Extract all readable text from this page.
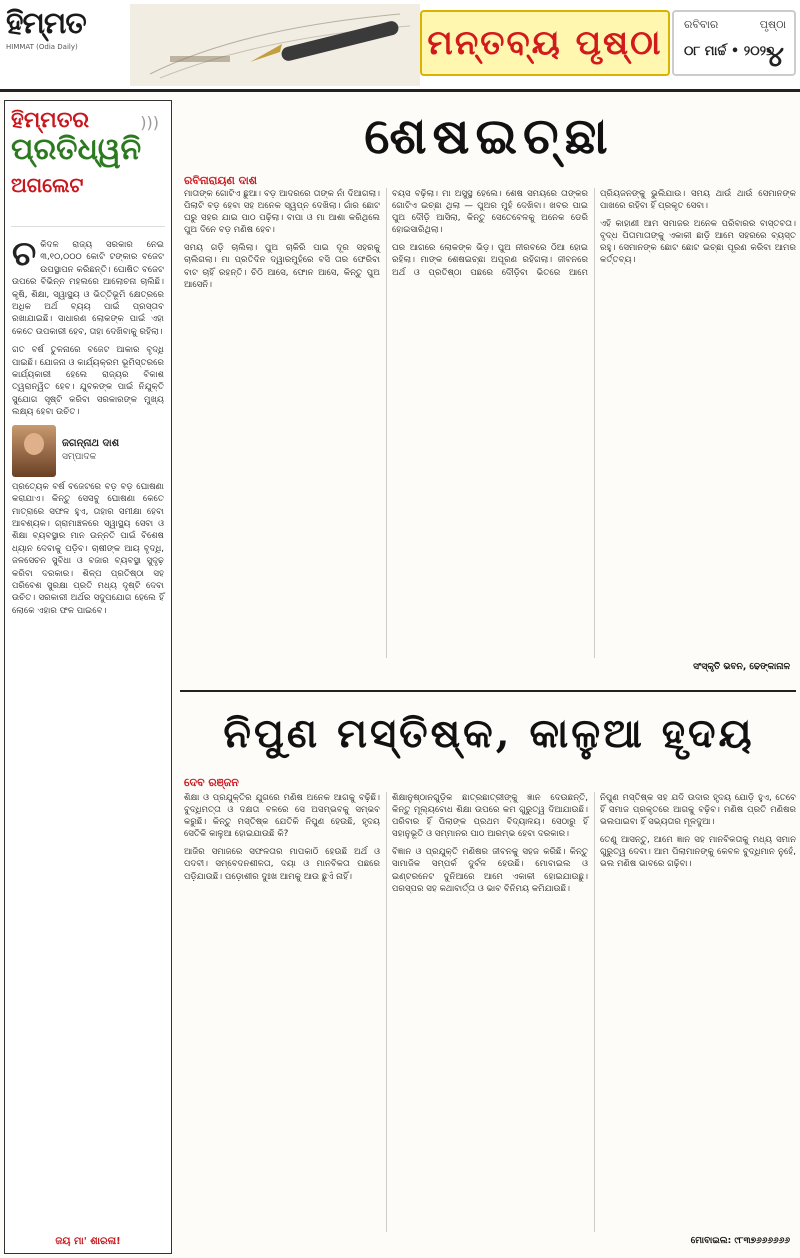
ହିମ୍ମତ
HIMMAT (Odia Daily)	ମନ୍ତବ୍ୟ ପୃଷ୍ଠା	ରବିବାର	ପୃଷ୍ଠା
୦୮ ମାର୍ଚ୍ଚ • ୨୦୨୬
୪
ହିମ୍ମତର
ପ୍ରତିଧ୍ୱନି
ଅଗଲେଟ
)))

ଚକିଦଳ ରାଜ୍ୟ ସରକାର ନେଇ ୩,୧୦,୦୦୦ କୋଟି ଟଙ୍କାର ବଜେଟ ଉପସ୍ଥାପନ କରିଛନ୍ତି। ଘୋଷିତ ବଜେଟ ଉପରେ ବିଭିନ୍ନ ମହଲରେ ଆଲୋଚନା ଚାଲିଛି। କୃଷି, ଶିକ୍ଷା, ସ୍ୱାସ୍ଥ୍ୟ ଓ ଭିତ୍ତିଭୂମି କ୍ଷେତ୍ରରେ ଅଧିକ ଅର୍ଥ ବ୍ୟୟ ପାଇଁ ପ୍ରସ୍ତାବ ରଖାଯାଇଛି। ସାଧାରଣ ଲୋକଙ୍କ ପାଇଁ ଏହା କେତେ ଉପକାରୀ ହେବ, ତାହା ଦେଖିବାକୁ ରହିଲା।

ଗତ ବର୍ଷ ତୁଳନାରେ ବଜେଟ ଆକାର ବୃଦ୍ଧି ପାଇଛି। ଯୋଜନା ଓ କାର୍ଯ୍ୟକ୍ରମ ଭୂମିସ୍ତରରେ କାର୍ଯ୍ୟକାରୀ ହେଲେ ରାଜ୍ୟର ବିକାଶ ତ୍ୱରାନ୍ୱିତ ହେବ। ଯୁବକଙ୍କ ପାଇଁ ନିଯୁକ୍ତି ସୁଯୋଗ ସୃଷ୍ଟି କରିବା ସରକାରଙ୍କ ମୁଖ୍ୟ ଲକ୍ଷ୍ୟ ହେବା ଉଚିତ।

ଜଗନ୍ନାଥ ଦାଶ
ସମ୍ପାଦକ

ପ୍ରତ୍ୟେକ ବର୍ଷ ବଜେଟରେ ବଡ଼ ବଡ଼ ଘୋଷଣା କରାଯାଏ। କିନ୍ତୁ ସେସବୁ ଘୋଷଣା କେତେ ମାତ୍ରାରେ ସଫଳ ହୁଏ, ତାହାର ସମୀକ୍ଷା ହେବା ଆବଶ୍ୟକ। ଗ୍ରାମାଞ୍ଚଳରେ ସ୍ୱାସ୍ଥ୍ୟ ସେବା ଓ ଶିକ୍ଷା ବ୍ୟବସ୍ଥାର ମାନ ଉନ୍ନତି ପାଇଁ ବିଶେଷ ଧ୍ୟାନ ଦେବାକୁ ପଡ଼ିବ। ଚାଷୀଙ୍କ ଆୟ ବୃଦ୍ଧି, ଜଳସେଚନ ସୁବିଧା ଓ ବଜାର ବ୍ୟବସ୍ଥା ସୁଦୃଢ଼ କରିବା ଦରକାର। ଶିଳ୍ପ ପ୍ରତିଷ୍ଠା ସହ ପରିବେଶ ସୁରକ୍ଷା ପ୍ରତି ମଧ୍ୟ ଦୃଷ୍ଟି ଦେବା ଉଚିତ। ସରକାରୀ ଅର୍ଥର ସଦୁପଯୋଗ ହେଲେ ହିଁ ଲୋକେ ଏହାର ଫଳ ପାଇବେ।

ଜୟ ମା' ଶାରଳା!
ଶେଷଇଚ୍ଛା
ରବିନାରାୟଣ ଦାଶ

ମାତାଙ୍କ ଗୋଟିଏ ଛୁଆ। ବଡ଼ ଆଦରରେ ତାଙ୍କ ନାଁ ଦିଆଗଲା। ପିଲାଟି ବଡ଼ ହେବା ସହ ଅନେକ ସ୍ୱପ୍ନ ଦେଖିଲା। ଗାଁର ଛୋଟ ଘରୁ ସହର ଯାଇ ପାଠ ପଢ଼ିଲା। ବାପା ଓ ମା ଆଶା କରିଥିଲେ ପୁଅ ଦିନେ ବଡ଼ ମଣିଷ ହେବ।

ସମୟ ଗଡ଼ି ଚାଲିଲା। ପୁଅ ଚାକିରି ପାଇ ଦୂର ସହରକୁ ଚାଲିଗଲା। ମା ପ୍ରତିଦିନ ଦ୍ୱାରମୁହଁରେ ବସି ତାର ଫେରିବା ବାଟ ଚାହିଁ ରହନ୍ତି। ଚିଠି ଆସେ, ଫୋନ ଆସେ, କିନ୍ତୁ ପୁଅ ଆସେନି।

ବୟସ ବଢ଼ିଲା। ମା ଅସୁସ୍ଥ ହେଲେ। ଶେଷ ସମୟରେ ତାଙ୍କର ଗୋଟିଏ ଇଚ୍ଛା ଥିଲା — ପୁଅର ମୁହଁ ଦେଖିବା। ଖବର ପାଇ ପୁଅ ଦୌଡ଼ି ଆସିଲା, କିନ୍ତୁ ସେତେବେଳକୁ ଅନେକ ଡେରି ହୋଇସାରିଥିଲା।

ଘର ଆଗରେ ଲୋକଙ୍କ ଭିଡ଼। ପୁଅ ନୀରବରେ ଠିଆ ହୋଇ ରହିଲା। ମାଙ୍କ ଶେଷଇଚ୍ଛା ଅପୂରଣ ରହିଗଲା। ଜୀବନରେ ଅର୍ଥ ଓ ପ୍ରତିଷ୍ଠା ପଛରେ ଦୌଡ଼ିବା ଭିତରେ ଆମେ ପ୍ରିୟଜନଙ୍କୁ ଭୁଲିଯାଉ। ସମୟ ଥାଉଁ ଥାଉଁ ସେମାନଙ୍କ ପାଖରେ ରହିବା ହିଁ ପ୍ରକୃତ ସେବା।

ଏହି କାହାଣୀ ଆମ ସମାଜର ଅନେକ ପରିବାରର ବାସ୍ତବତା। ବୃଦ୍ଧ ପିତାମାତାଙ୍କୁ ଏକାକୀ ଛାଡ଼ି ଆମେ ସହରରେ ବ୍ୟସ୍ତ ରହୁ। ସେମାନଙ୍କ ଛୋଟ ଛୋଟ ଇଚ୍ଛା ପୂରଣ କରିବା ଆମର କର୍ତ୍ତବ୍ୟ।

ସଂସ୍କୃତି ଭବନ, ଢେଙ୍କାନାଳ
ନିପୁଣ ମସ୍ତିଷ୍କ, କାଳୁଆ ହୃଦୟ
ଦେବ ରଞ୍ଜନ

ଶିକ୍ଷା ଓ ପ୍ରଯୁକ୍ତିର ଯୁଗରେ ମଣିଷ ଅନେକ ଆଗକୁ ବଢ଼ିଛି। ବୁଦ୍ଧିମତ୍ତା ଓ ଦକ୍ଷତା ବଳରେ ସେ ଅସମ୍ଭବକୁ ସମ୍ଭବ କରୁଛି। କିନ୍ତୁ ମସ୍ତିଷ୍କ ଯେତିକି ନିପୁଣ ହେଉଛି, ହୃଦୟ ସେତିକି କାଳୁଆ ହୋଇଯାଉଛି କି?

ଆଜିର ସମାଜରେ ସଫଳତାର ମାପକାଠି ହେଉଛି ଅର୍ଥ ଓ ପଦବୀ। ସମ୍ବେଦନଶୀଳତା, ଦୟା ଓ ମାନବିକତା ପଛରେ ପଡ଼ିଯାଉଛି। ପଡ଼ୋଶୀର ଦୁଃଖ ଆମକୁ ଆଉ ଛୁଏଁ ନାହିଁ।

ଶିକ୍ଷାନୁଷ୍ଠାନଗୁଡ଼ିକ ଛାତ୍ରଛାତ୍ରୀଙ୍କୁ ଜ୍ଞାନ ଦେଉଛନ୍ତି, କିନ୍ତୁ ମୂଲ୍ୟବୋଧ ଶିକ୍ଷା ଉପରେ କମ ଗୁରୁତ୍ୱ ଦିଆଯାଉଛି। ପରିବାର ହିଁ ପିଲାଙ୍କ ପ୍ରଥମ ବିଦ୍ୟାଳୟ। ସେଠାରୁ ହିଁ ସହାନୁଭୂତି ଓ ସମ୍ମାନର ପାଠ ଆରମ୍ଭ ହେବା ଦରକାର।

ବିଜ୍ଞାନ ଓ ପ୍ରଯୁକ୍ତି ମଣିଷର ଜୀବନକୁ ସହଜ କରିଛି। କିନ୍ତୁ ସାମାଜିକ ସମ୍ପର୍କ ଦୁର୍ବଳ ହେଉଛି। ମୋବାଇଲ ଓ ଇଣ୍ଟରନେଟ ଦୁନିଆରେ ଆମେ ଏକାକୀ ହୋଇଯାଉଛୁ। ପରସ୍ପର ସହ କଥାବାର୍ତ୍ତା ଓ ଭାବ ବିନିମୟ କମିଯାଉଛି।

ନିପୁଣ ମସ୍ତିଷ୍କ ସହ ଯଦି ଉଦାର ହୃଦୟ ଯୋଡ଼ି ହୁଏ, ତେବେ ହିଁ ସମାଜ ପ୍ରକୃତରେ ଆଗକୁ ବଢ଼ିବ। ମଣିଷ ପ୍ରତି ମଣିଷର ଭଲପାଇବା ହିଁ ସଭ୍ୟତାର ମୂଳଦୁଆ।

ତେଣୁ ଆସନ୍ତୁ, ଆମେ ଜ୍ଞାନ ସହ ମାନବିକତାକୁ ମଧ୍ୟ ସମାନ ଗୁରୁତ୍ୱ ଦେବା। ଆମ ପିଲାମାନଙ୍କୁ କେବଳ ବୁଦ୍ଧିମାନ ନୁହେଁ, ଭଲ ମଣିଷ ଭାବରେ ଗଢ଼ିବା।

ମୋବାଇଲ: ୯୮୩୭୬୬୬୬୬୬
